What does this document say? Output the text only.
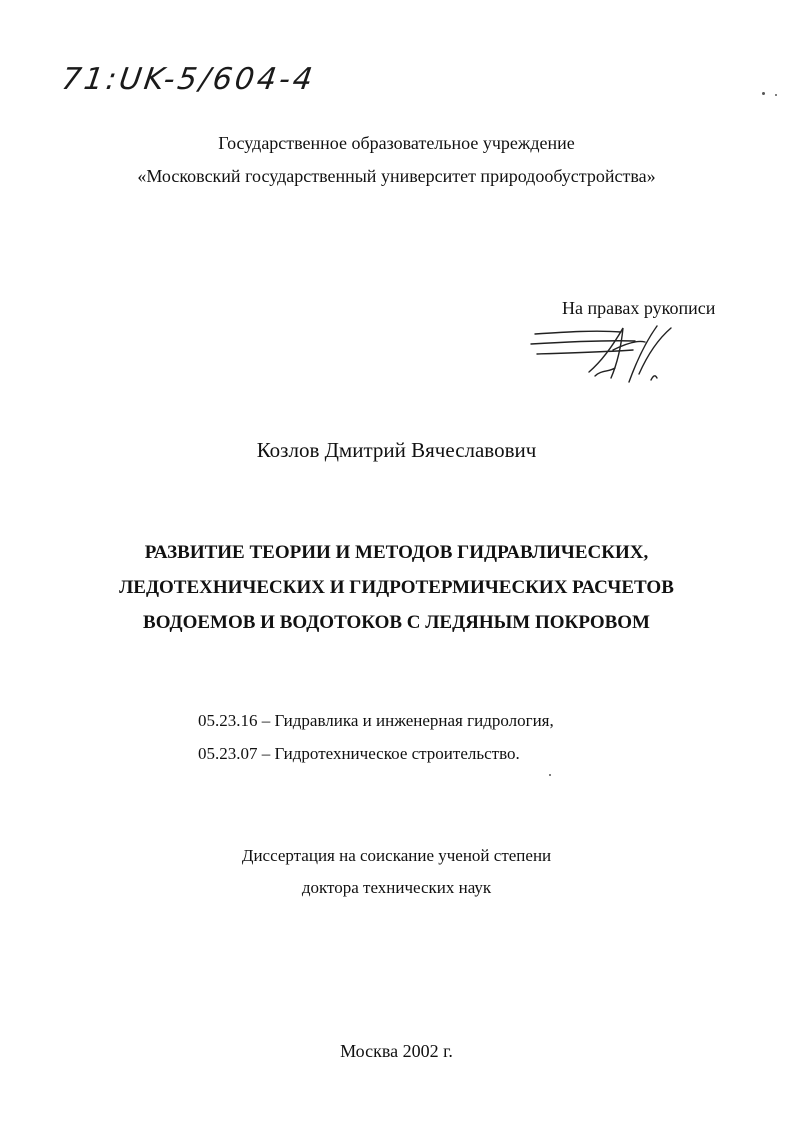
71:UK-5/604-4
Государственное образовательное учреждение
«Московский государственный университет природообустройства»
На правах рукописи
Козлов Дмитрий Вячеславович
РАЗВИТИЕ ТЕОРИИ И МЕТОДОВ ГИДРАВЛИЧЕСКИХ,
ЛЕДОТЕХНИЧЕСКИХ И ГИДРОТЕРМИЧЕСКИХ РАСЧЕТОВ
ВОДОЕМОВ И ВОДОТОКОВ С ЛЕДЯНЫМ ПОКРОВОМ
05.23.16 – Гидравлика и инженерная гидрология,
05.23.07 – Гидротехническое строительство.
Диссертация на соискание ученой степени
доктора технических наук
Москва 2002 г.
